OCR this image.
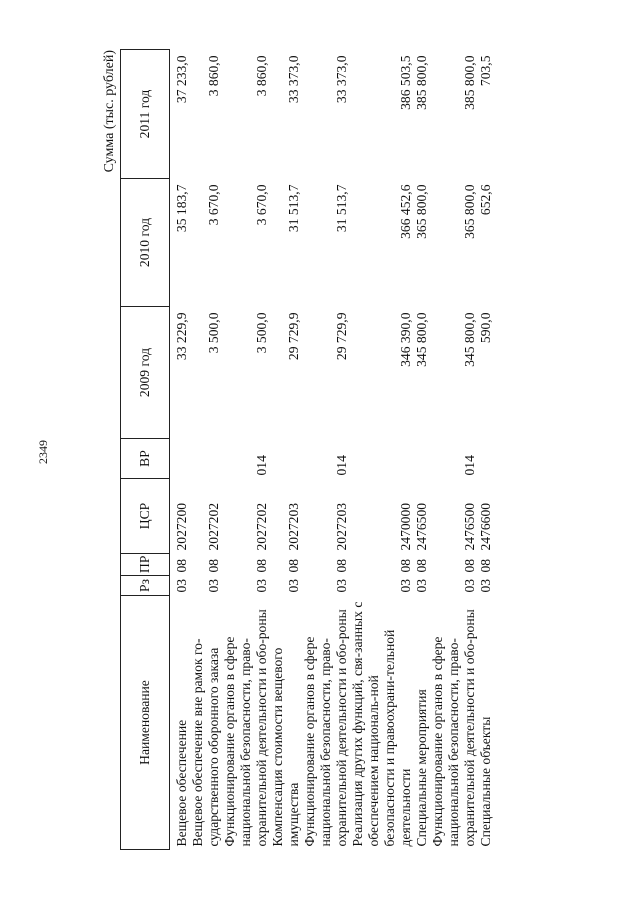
2349
Сумма (тыс. рублей)
Наименование	Рз	ПР	ЦСР	ВР	2009 год	2010 год	2011 год
Вещевое обеспечение	03	08	2027200		33 229,9	35 183,7	37 233,0
Вещевое обеспечение вне рамок го-сударственного оборонного заказа	03	08	2027202		3 500,0	3 670,0	3 860,0
Функционирование органов в сфере национальной безопасности, право-охранительной деятельности и обо-роны	03	08	2027202	014	3 500,0	3 670,0	3 860,0
Компенсация стоимости вещевого имущества	03	08	2027203		29 729,9	31 513,7	33 373,0
Функционирование органов в сфере национальной безопасности, право-охранительной деятельности и обо-роны	03	08	2027203	014	29 729,9	31 513,7	33 373,0
Реализация других функций, свя-занных с обеспечением националь-ной безопасности и правоохрани-тельной деятельности	03	08	2470000		346 390,0	366 452,6	386 503,5
Специальные мероприятия	03	08	2476500		345 800,0	365 800,0	385 800,0
Функционирование органов в сфере национальной безопасности, право-охранительной деятельности и обо-роны	03	08	2476500	014	345 800,0	365 800,0	385 800,0
Специальные объекты	03	08	2476600		590,0	652,6	703,5
